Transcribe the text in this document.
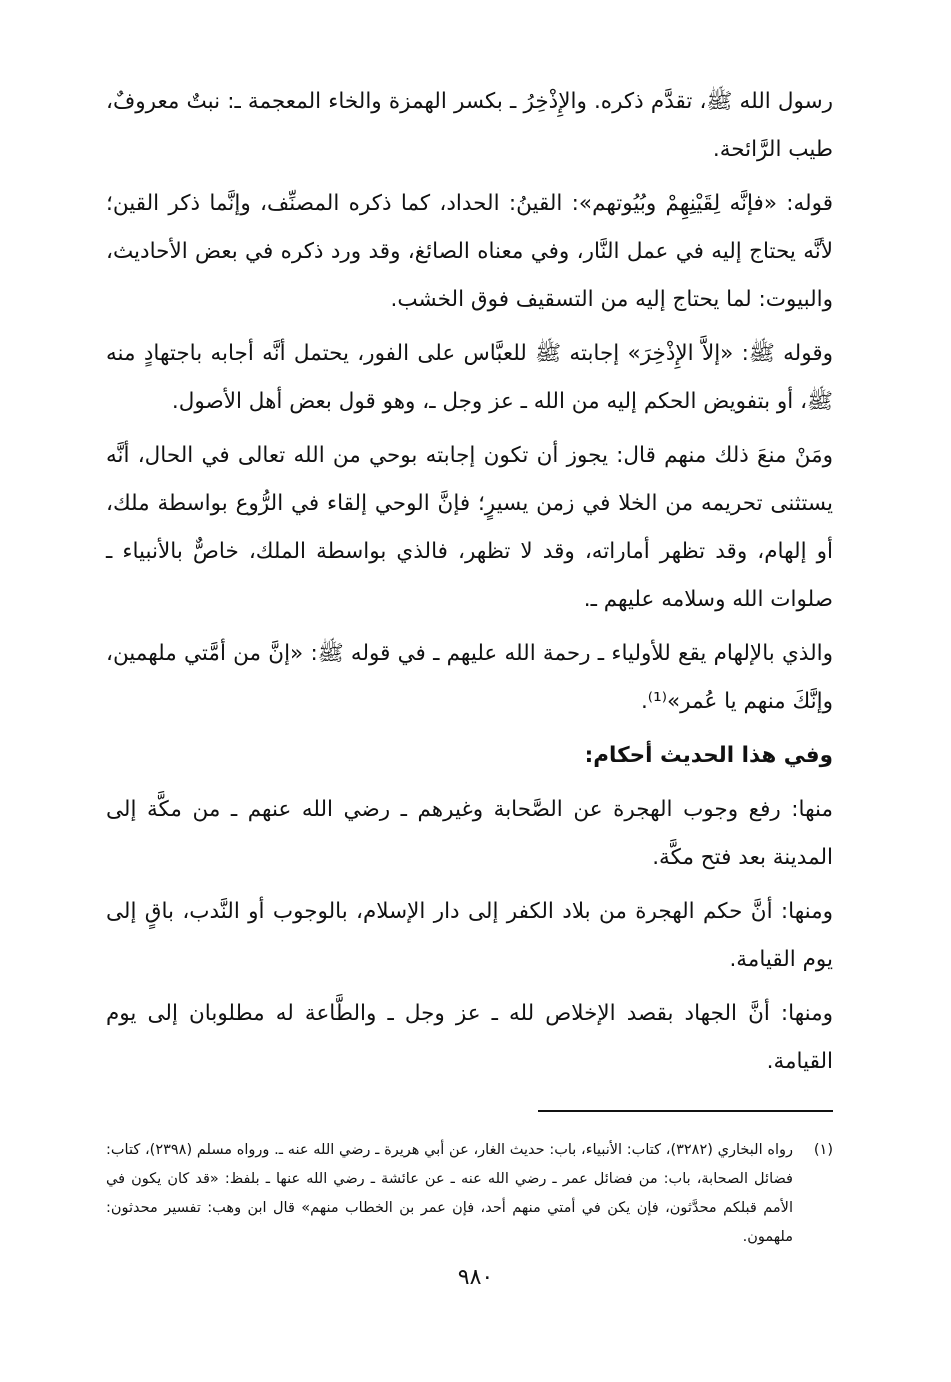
رسول الله ﷺ، تقدَّم ذكره. والإِذْخِرُ ـ بكسر الهمزة والخاء المعجمة ـ: نبتٌ معروفٌ، طيب الرَّائحة.

قوله: «فإنَّه لِقَيْنِهِمْ وبُيُوتهم»: القينُ: الحداد، كما ذكره المصنِّف، وإنَّما ذكر القين؛ لأنَّه يحتاج إليه في عمل النَّار، وفي معناه الصائغ، وقد ورد ذكره في بعض الأحاديث، والبيوت: لما يحتاج إليه من التسقيف فوق الخشب.

وقوله ﷺ: «إلاَّ الإِذْخِرَ» إجابته ﷺ للعبَّاس على الفور، يحتمل أنَّه أجابه باجتهادٍ منه ﷺ، أو بتفويض الحكم إليه من الله ـ عز وجل ـ، وهو قول بعض أهل الأصول.

ومَنْ منعَ ذلك منهم قال: يجوز أن تكون إجابته بوحي من الله تعالى في الحال، أنَّه يستثنى تحريمه من الخلا في زمن يسيرٍ؛ فإنَّ الوحي إلقاء في الرُّوع بواسطة ملك، أو إلهام، وقد تظهر أماراته، وقد لا تظهر، فالذي بواسطة الملك، خاصٌّ بالأنبياء ـ صلوات الله وسلامه عليهم ـ.

والذي بالإلهام يقع للأولياء ـ رحمة الله عليهم ـ في قوله ﷺ: «إنَّ من أمَّتي ملهمين، وإنَّكَ منهم يا عُمر»⁽¹⁾.

وفي هذا الحديث أحكام:

منها: رفع وجوب الهجرة عن الصَّحابة وغيرهم ـ رضي الله عنهم ـ من مكَّة إلى المدينة بعد فتح مكَّة.

ومنها: أنَّ حكم الهجرة من بلاد الكفر إلى دار الإسلام، بالوجوب أو النَّدب، باقٍ إلى يوم القيامة.

ومنها: أنَّ الجهاد بقصد الإخلاص لله ـ عز وجل ـ والطَّاعة له مطلوبان إلى يوم القيامة.

(١)
رواه البخاري (٣٢٨٢)، كتاب: الأنبياء، باب: حديث الغار، عن أبي هريرة ـ رضي الله عنه ـ. ورواه مسلم (٢٣٩٨)، كتاب: فضائل الصحابة، باب: من فضائل عمر ـ رضي الله عنه ـ عن عائشة ـ رضي الله عنها ـ بلفظ: «قد كان يكون في الأمم قبلكم محدَّثون، فإن يكن في أمتي منهم أحد، فإن عمر بن الخطاب منهم» قال ابن وهب: تفسير محدثون: ملهمون.
٩٨٠
